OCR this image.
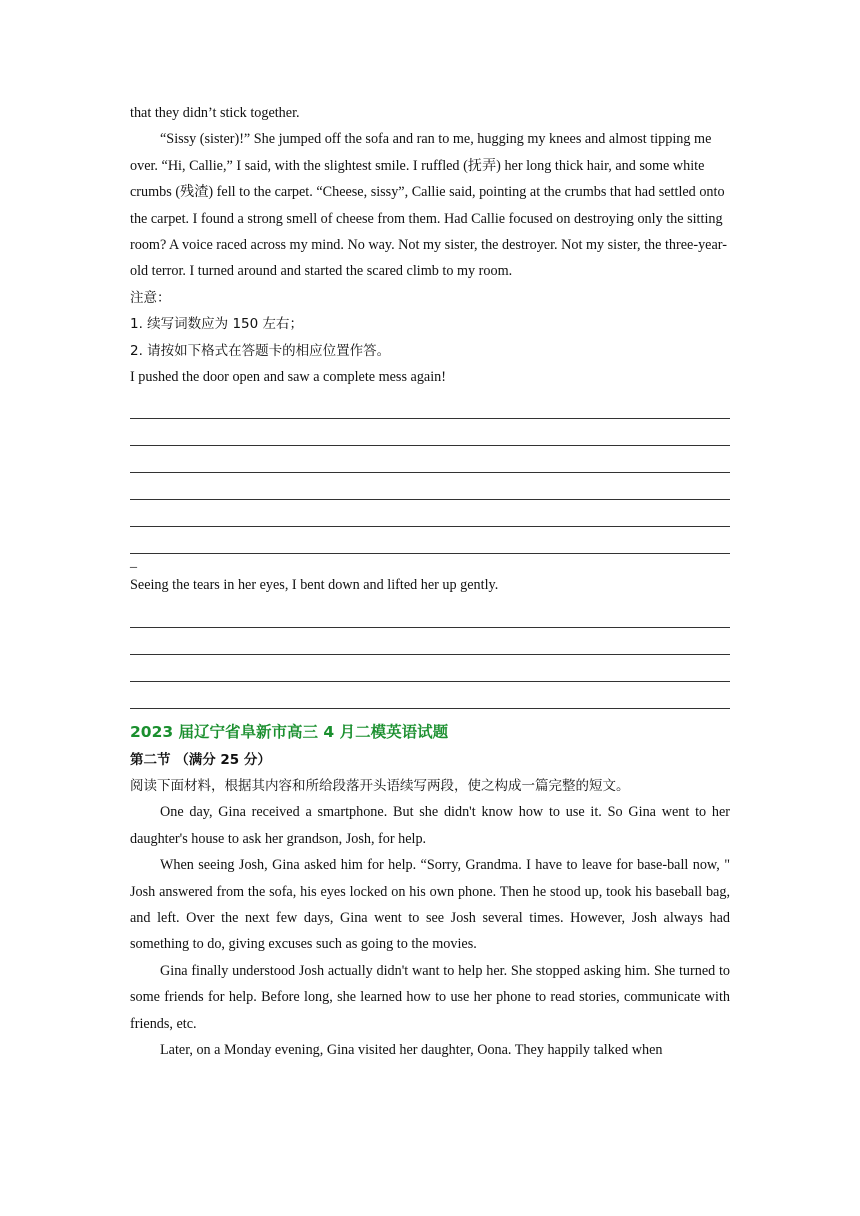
that they didn’t stick together.

“Sissy (sister)!” She jumped off the sofa and ran to me, hugging my knees and almost tipping me over. “Hi, Callie,” I said, with the slightest smile. I ruffled (抚弄) her long thick hair, and some white crumbs (残渣) fell to the carpet. “Cheese, sissy”, Callie said, pointing at the crumbs that had settled onto the carpet. I found a strong smell of cheese from them. Had Callie focused on destroying only the sitting room? A voice raced across my mind. No way. Not my sister, the destroyer. Not my sister, the three-year-old terror. I turned around and started the scared climb to my room.

注意：

1. 续写词数应为 150 左右；

2. 请按如下格式在答题卡的相应位置作答。

I pushed the door open and saw a complete mess again!

_

Seeing the tears in her eyes, I bent down and lifted her up gently.

2023 届辽宁省阜新市高三 4 月二模英语试题
第二节 （满分 25 分）

阅读下面材料，根据其内容和所给段落开头语续写两段，使之构成一篇完整的短文。

One day, Gina received a smartphone. But she didn't know how to use it. So Gina went to her daughter's house to ask her grandson, Josh, for help.

When seeing Josh, Gina asked him for help. “Sorry, Grandma. I have to leave for base-ball now, " Josh answered from the sofa, his eyes locked on his own phone. Then he stood up, took his baseball bag, and left. Over the next few days, Gina went to see Josh several times. However, Josh always had something to do, giving excuses such as going to the movies.

Gina finally understood Josh actually didn't want to help her. She stopped asking him. She turned to some friends for help. Before long, she learned how to use her phone to read stories, communicate with friends, etc.

Later, on a Monday evening, Gina visited her daughter, Oona. They happily talked when
